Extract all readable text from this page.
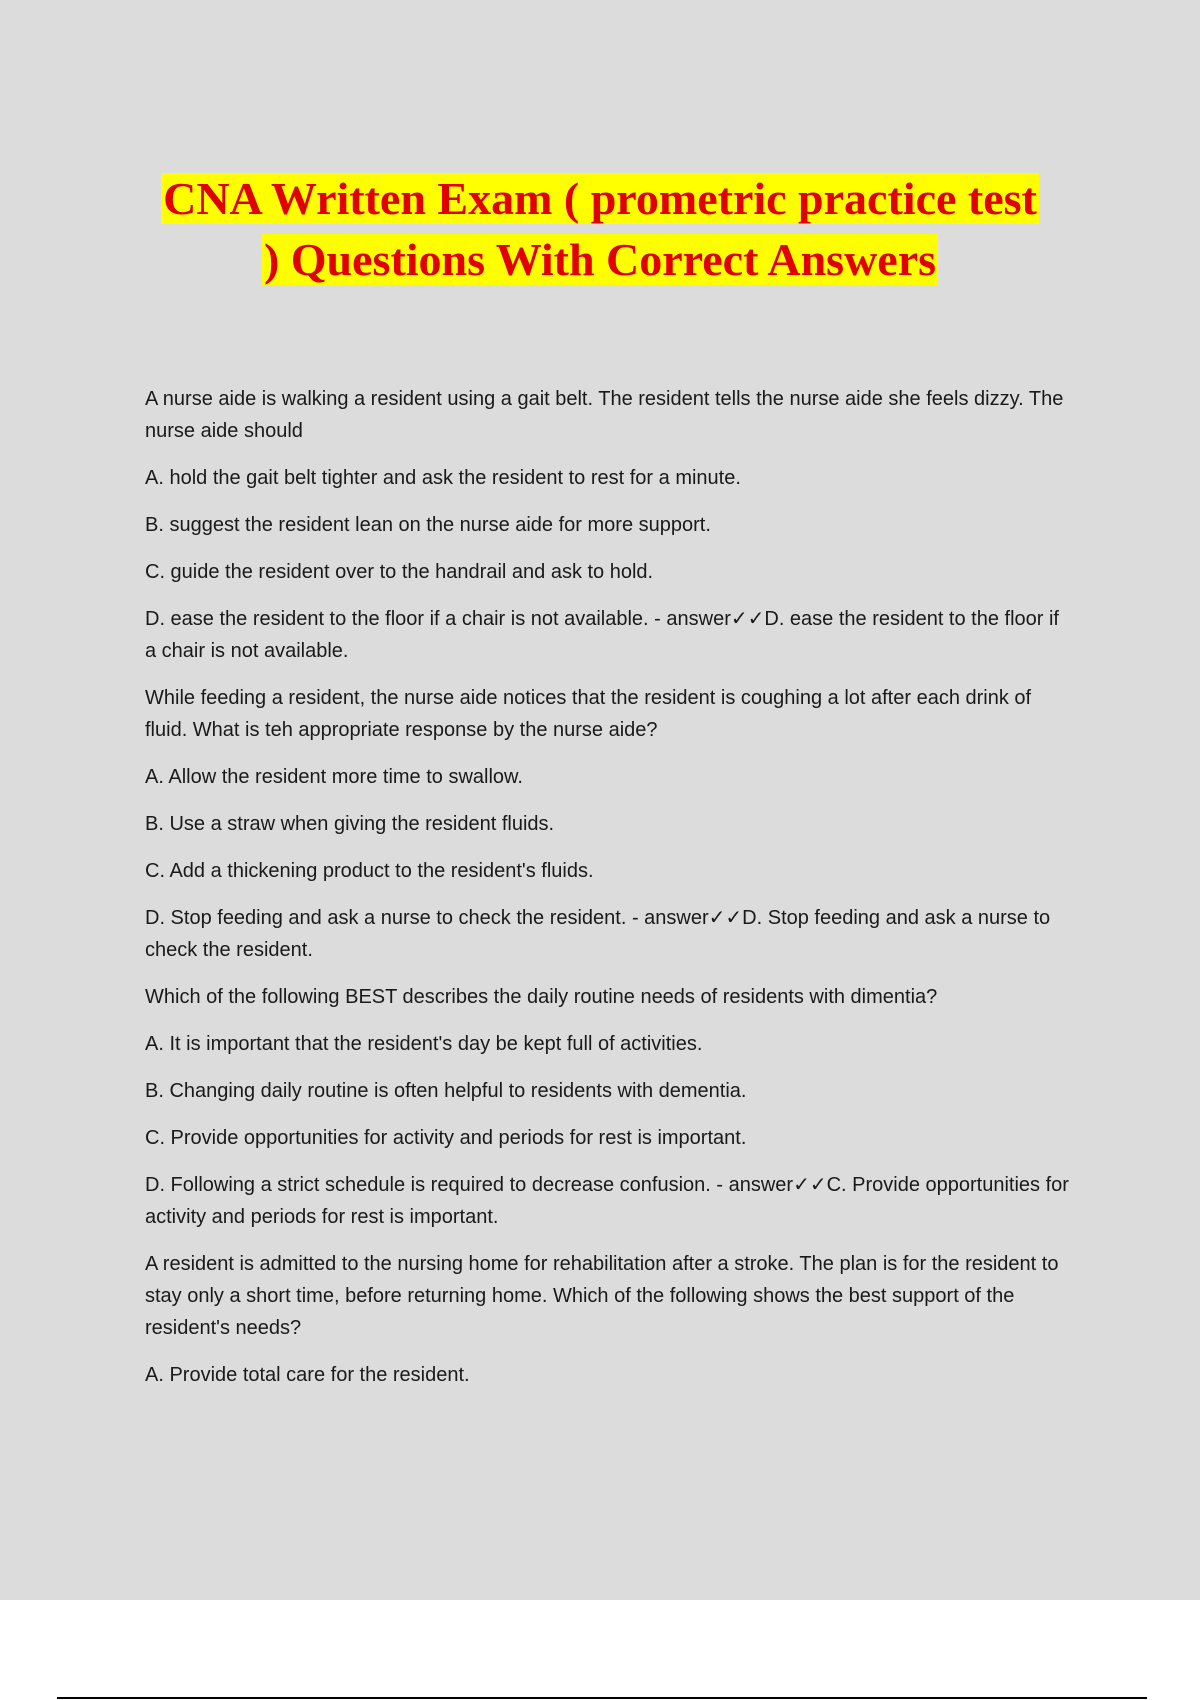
CNA Written Exam ( prometric practice test
) Questions With Correct Answers

A nurse aide is walking a resident using a gait belt. The resident tells the nurse aide she feels dizzy. The nurse aide should

A. hold the gait belt tighter and ask the resident to rest for a minute.

B. suggest the resident lean on the nurse aide for more support.

C. guide the resident over to the handrail and ask to hold.

D. ease the resident to the floor if a chair is not available. - answer✓✓D. ease the resident to the floor if a chair is not available.

While feeding a resident, the nurse aide notices that the resident is coughing a lot after each drink of fluid. What is teh appropriate response by the nurse aide?

A. Allow the resident more time to swallow.

B. Use a straw when giving the resident fluids.

C. Add a thickening product to the resident's fluids.

D. Stop feeding and ask a nurse to check the resident. - answer✓✓D. Stop feeding and ask a nurse to check the resident.

Which of the following BEST describes the daily routine needs of residents with dimentia?

A. It is important that the resident's day be kept full of activities.

B. Changing daily routine is often helpful to residents with dementia.

C. Provide opportunities for activity and periods for rest is important.

D. Following a strict schedule is required to decrease confusion. - answer✓✓C. Provide opportunities for activity and periods for rest is important.

A resident is admitted to the nursing home for rehabilitation after a stroke. The plan is for the resident to stay only a short time, before returning home. Which of the following shows the best support of the resident's needs?

A. Provide total care for the resident.
